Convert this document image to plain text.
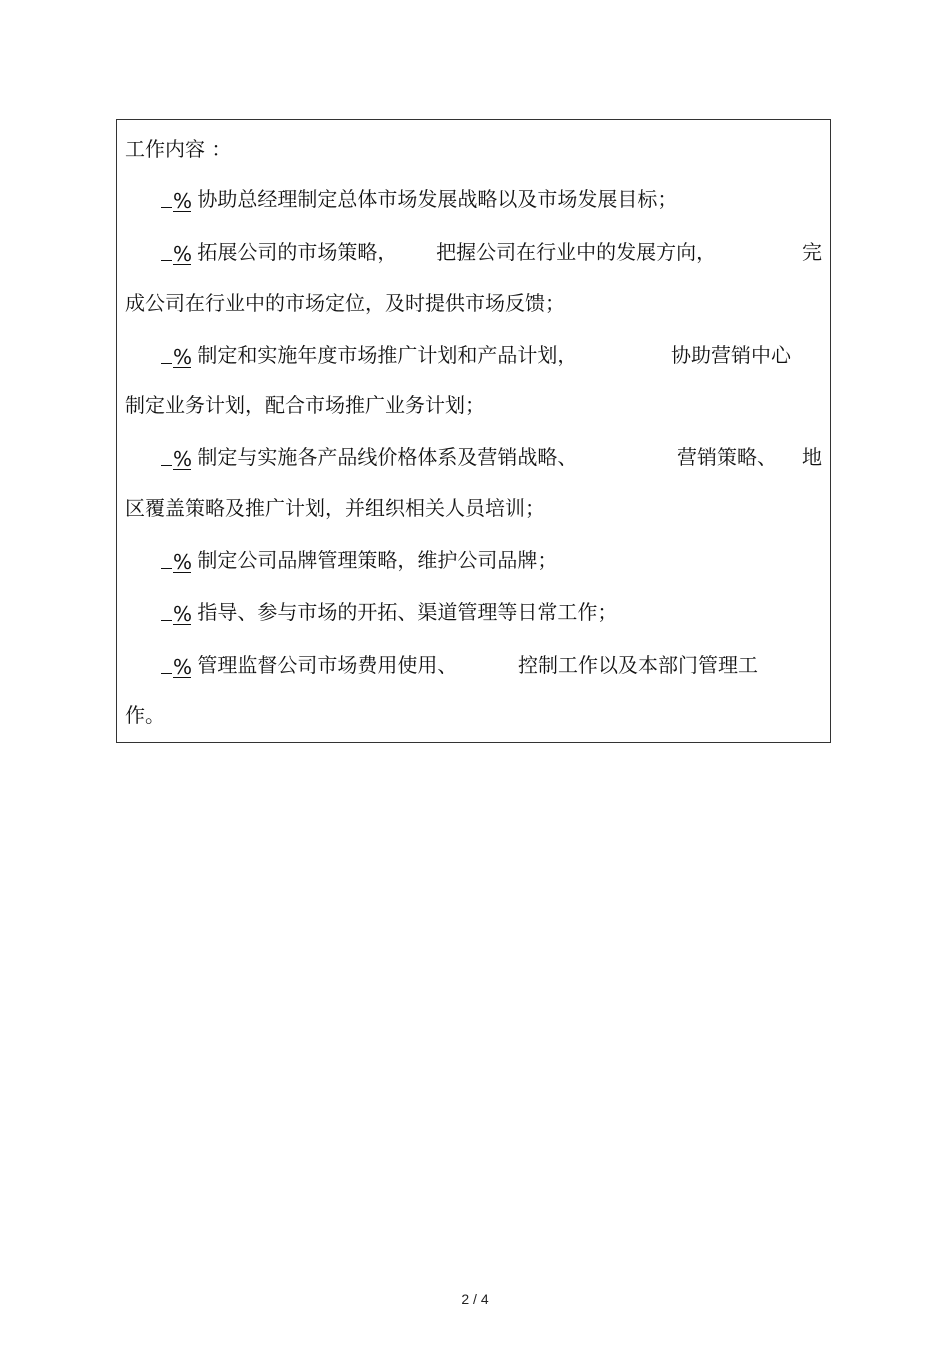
工作内容 ：
% 协助总经理制定总体市场发展战略以及市场发展目标；
% 拓展公司的市场策略， 把握公司在行业中的发展方向，	完
成公司在行业中的市场定位，及时提供市场反馈；
% 制定和实施年度市场推广计划和产品计划，	协助营销中心
制定业务计划，配合市场推广业务计划；
% 制定与实施各产品线价格体系及营销战略、	营销策略、 地
区覆盖策略及推广计划，并组织相关人员培训；
% 制定公司品牌管理策略，维护公司品牌；
% 指导、参与市场的开拓、渠道管理等日常工作；
% 管理监督公司市场费用使用、	控制工作以及本部门管理工
作。
2 / 4
